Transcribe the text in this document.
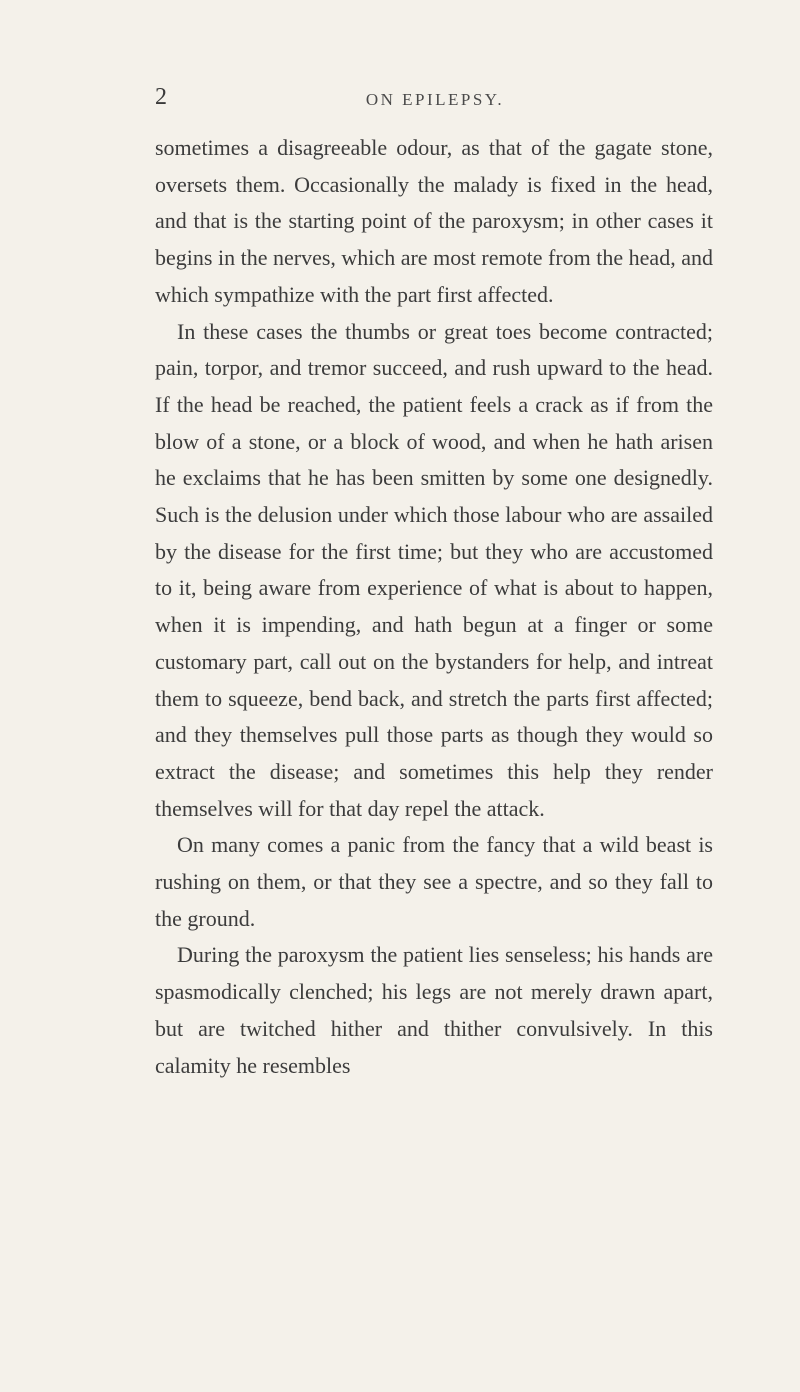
2	ON EPILEPSY.

sometimes a disagreeable odour, as that of the gagate stone, oversets them. Occasionally the malady is fixed in the head, and that is the starting point of the paroxysm; in other cases it begins in the nerves, which are most remote from the head, and which sympathize with the part first affected.

In these cases the thumbs or great toes become contracted; pain, torpor, and tremor succeed, and rush upward to the head. If the head be reached, the patient feels a crack as if from the blow of a stone, or a block of wood, and when he hath arisen he exclaims that he has been smitten by some one designedly. Such is the delusion under which those labour who are assailed by the disease for the first time; but they who are accustomed to it, being aware from experience of what is about to happen, when it is impending, and hath begun at a finger or some customary part, call out on the bystanders for help, and intreat them to squeeze, bend back, and stretch the parts first affected; and they themselves pull those parts as though they would so extract the disease; and sometimes this help they render themselves will for that day repel the attack.

On many comes a panic from the fancy that a wild beast is rushing on them, or that they see a spectre, and so they fall to the ground.

During the paroxysm the patient lies senseless; his hands are spasmodically clenched; his legs are not merely drawn apart, but are twitched hither and thither convulsively. In this calamity he resembles
